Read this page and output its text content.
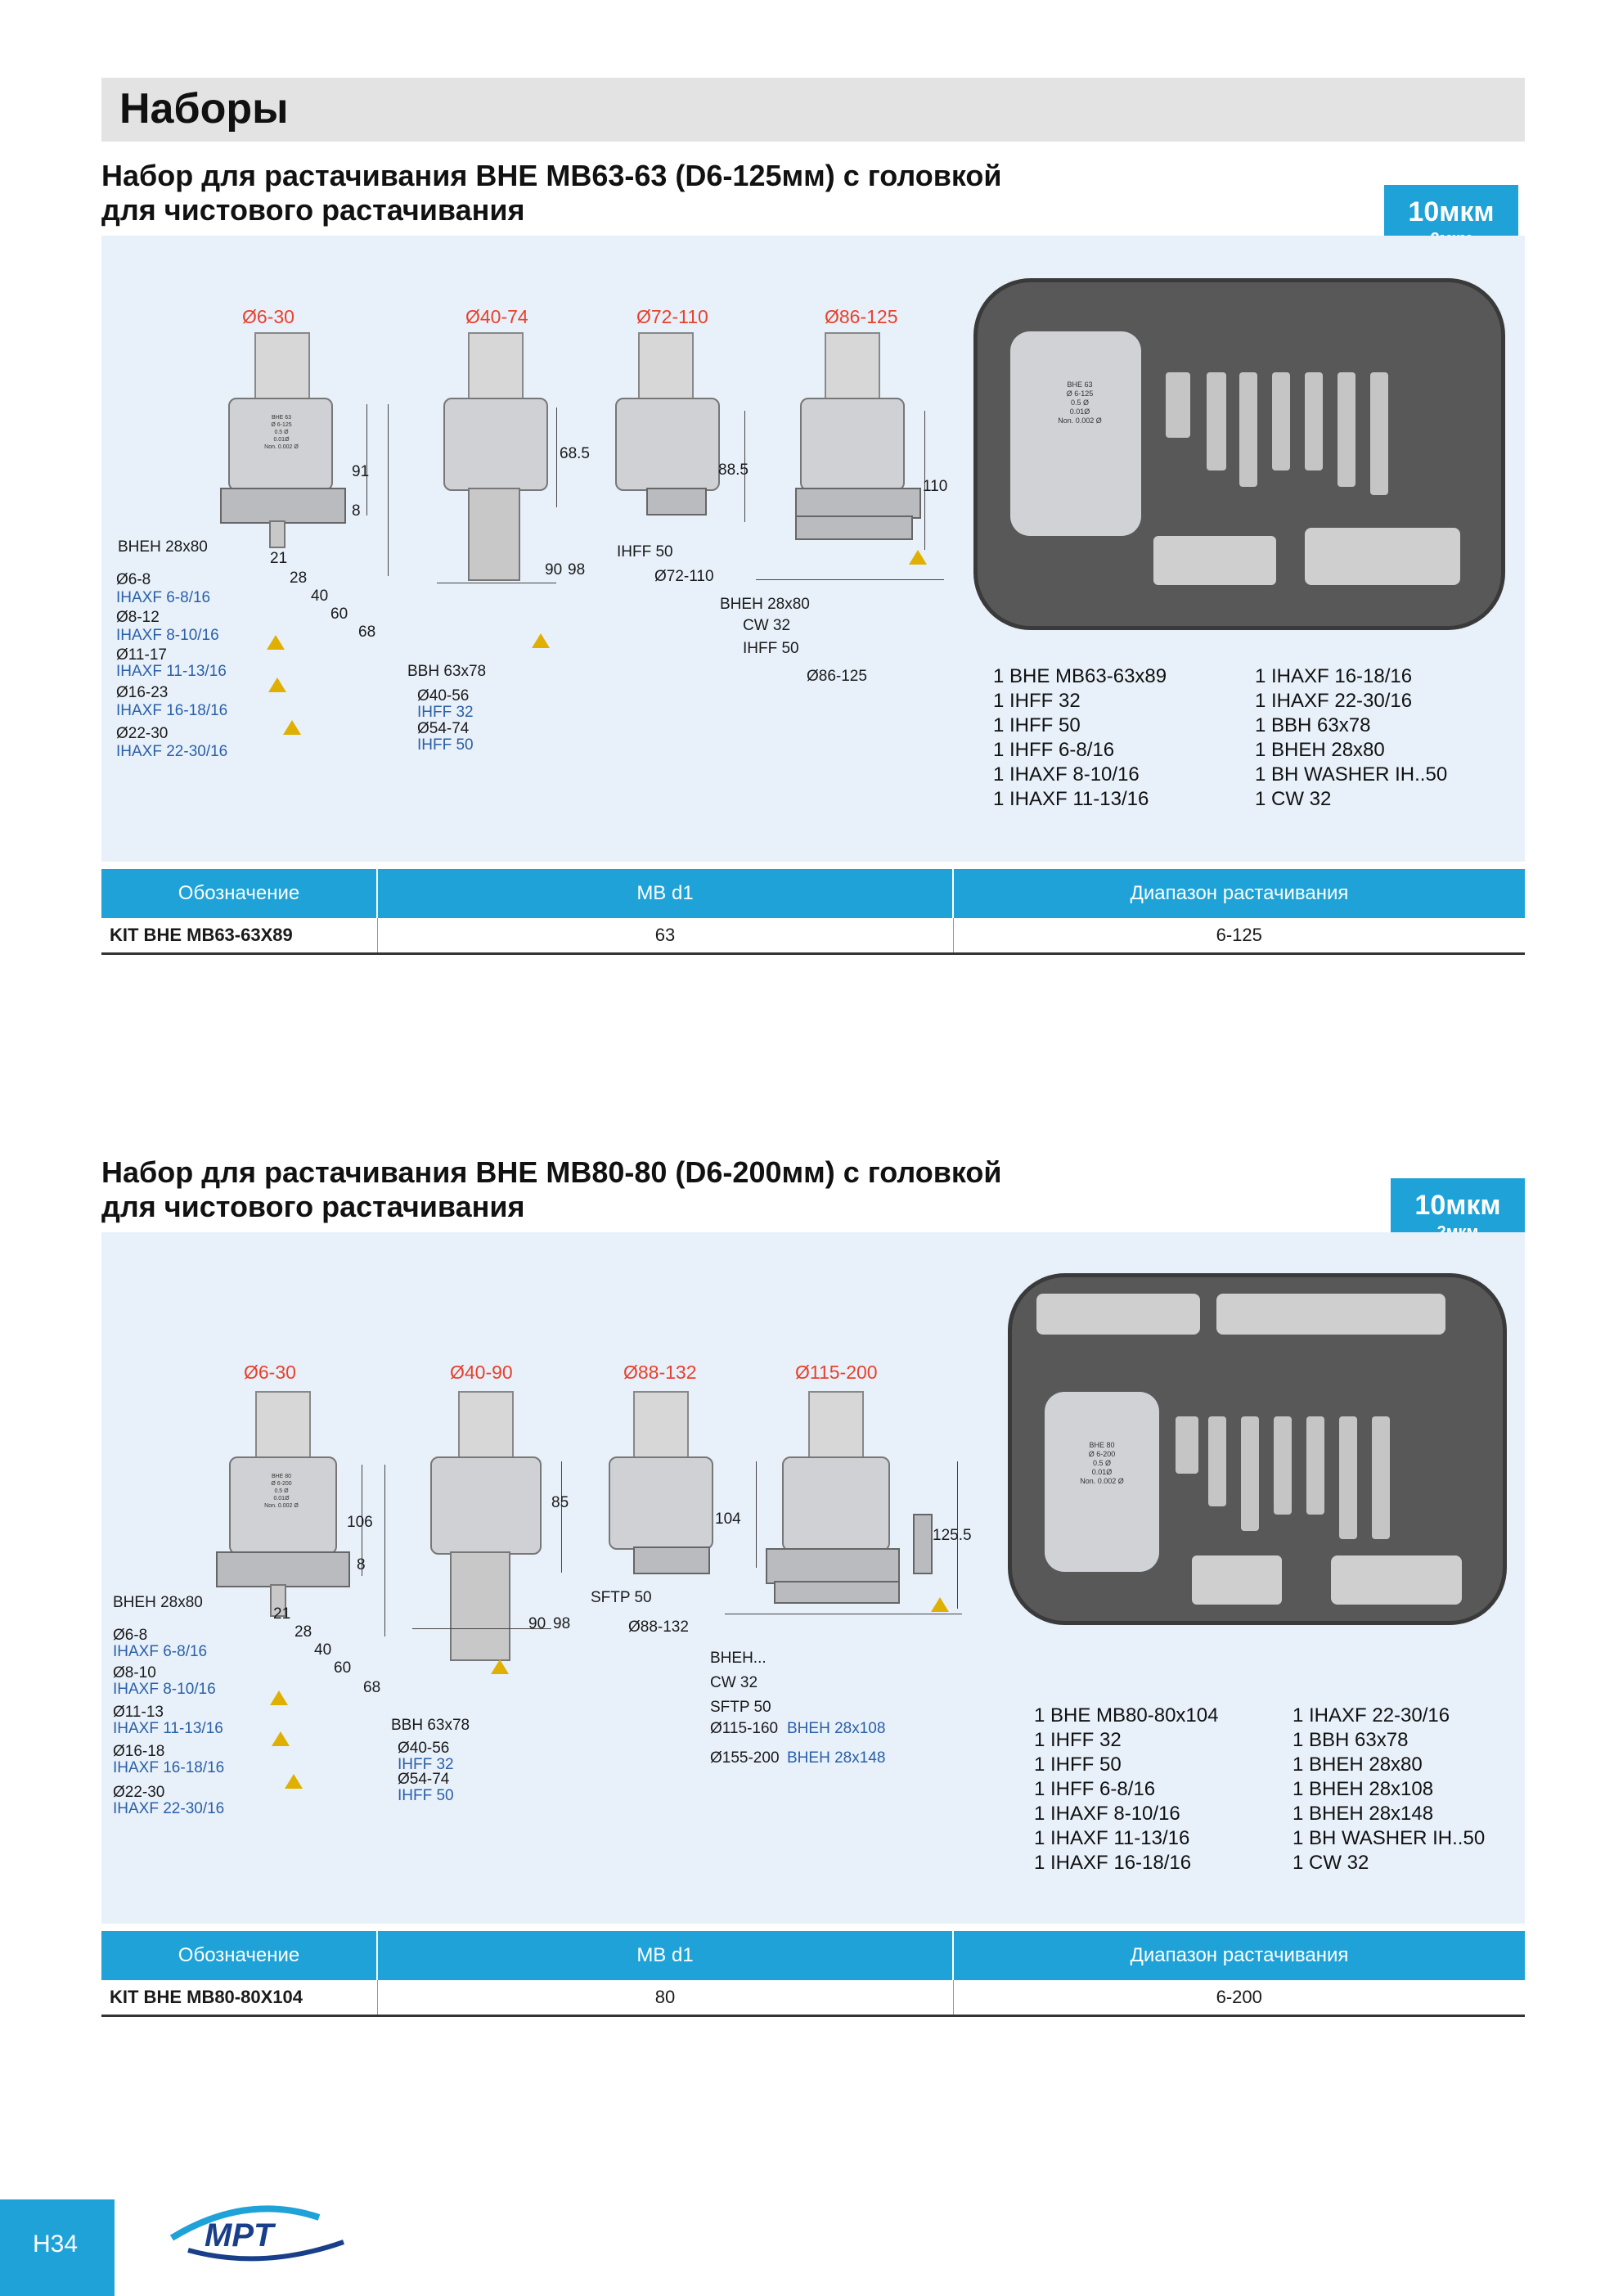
Наборы
Набор для растачивания BHE MB63-63 (D6-125мм) с головкой
для чистового растачивания	10мкм
Ø6-30	Ø40-74	Ø72-110	Ø86-125
BHE 63
Ø 6-125
0.5 Ø
0.01Ø
Non. 0.002 Ø
91
8
21
28
40
60
68
68.5
90 98
88.5
110
BHEH 28x80
Ø6-8
IHAXF 6-8/16
Ø8-12
IHAXF 8-10/16
Ø11-17
IHAXF 11-13/16
Ø16-23
IHAXF 16-18/16
Ø22-30
IHAXF 22-30/16
BBH 63x78
Ø40-56
IHFF 32
Ø54-74
IHFF 50
IHFF 50
Ø72-110
BHEH 28x80
CW 32
IHFF 50
Ø86-125
BHE 63
Ø 6-125
0.5 Ø
0.01Ø
Non. 0.002 Ø
1 BHE MB63-63x89
1 IHFF 32
1 IHFF 50
1 IHFF 6-8/16
1 IHAXF 8-10/16
1 IHAXF 11-13/16
1 IHAXF 16-18/16
1 IHAXF 22-30/16
1 BBH 63x78
1 BHEH 28x80
1 BH WASHER IH..50
1 CW 32
Обозначение	MB d1	Диапазон растачивания
KIT BHE MB63-63X89	63	6-125
Набор для растачивания BHE MB80-80 (D6-200мм) с головкой
для чистового растачивания	10мкм
Ø6-30	Ø40-90	Ø88-132	Ø115-200
BHE 80
Ø 6-200
0.5 Ø
0.01Ø
Non. 0.002 Ø
106
8
21
28
40
60
68
85
90 98
104
125.5
BHEH 28x80
Ø6-8
IHAXF 6-8/16
Ø8-10
IHAXF 8-10/16
Ø11-13
IHAXF 11-13/16
Ø16-18
IHAXF 16-18/16
Ø22-30
IHAXF 22-30/16
BBH 63x78
Ø40-56
IHFF 32
Ø54-74
IHFF 50
SFTP 50
Ø88-132
BHEH...
CW 32
SFTP 50
Ø115-160 BHEH 28x108
Ø155-200 BHEH 28x148
BHE 80
Ø 6-200
0.5 Ø
0.01Ø
Non. 0.002 Ø
1 BHE MB80-80x104
1 IHFF 32
1 IHFF 50
1 IHFF 6-8/16
1 IHAXF 8-10/16
1 IHAXF 11-13/16
1 IHAXF 16-18/16
1 IHAXF 22-30/16
1 BBH 63x78
1 BHEH 28x80
1 BHEH 28x108
1 BHEH 28x148
1 BH WASHER IH..50
1 CW 32
Обозначение	MB d1	Диапазон растачивания
KIT BHE MB80-80X104	80	6-200
H34	MPT
